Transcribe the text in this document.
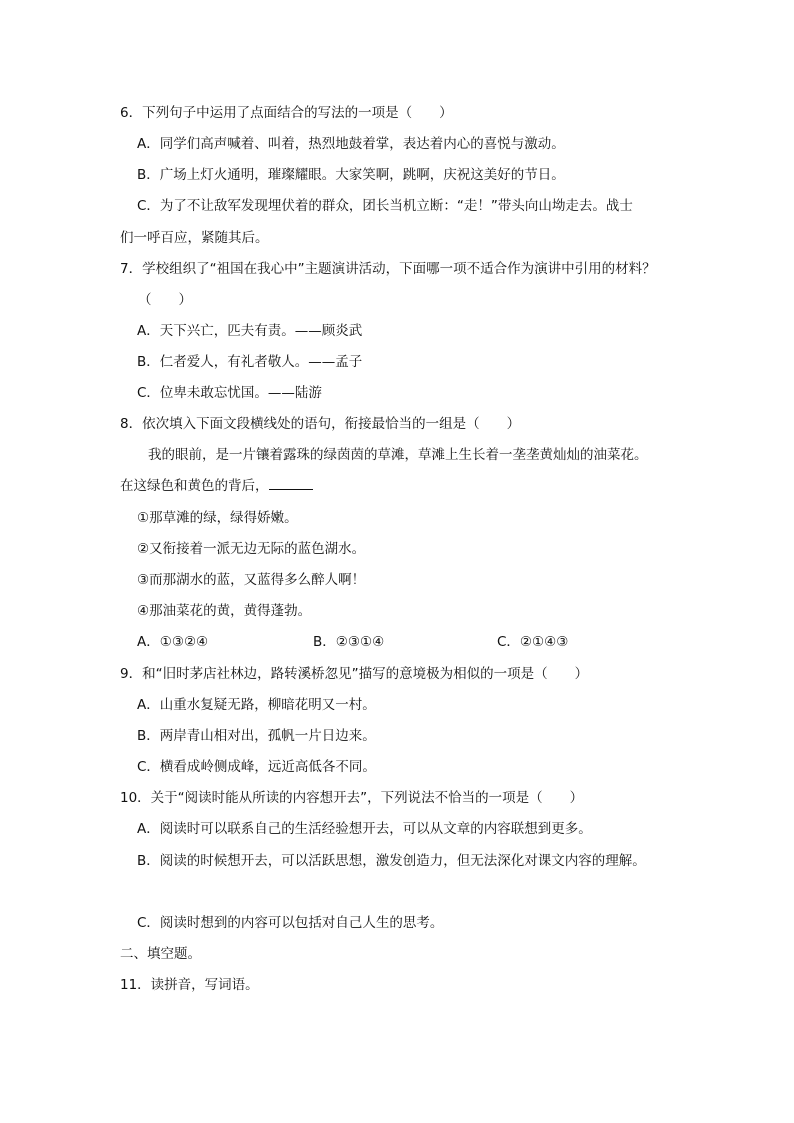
6．下列句子中运用了点面结合的写法的一项是（　　）
A．同学们高声喊着、叫着，热烈地鼓着掌，表达着内心的喜悦与激动。
B．广场上灯火通明，璀璨耀眼。大家笑啊，跳啊，庆祝这美好的节日。
C．为了不让敌军发现埋伏着的群众，团长当机立断：“走！”带头向山坳走去。战士
们一呼百应，紧随其后。
7．学校组织了“祖国在我心中”主题演讲活动，下面哪一项不适合作为演讲中引用的材料？
（　　）
A．天下兴亡，匹夫有责。——顾炎武
B．仁者爱人，有礼者敬人。——孟子
C．位卑未敢忘忧国。——陆游
8．依次填入下面文段横线处的语句，衔接最恰当的一组是（　　）
我的眼前，是一片镶着露珠的绿茵茵的草滩，草滩上生长着一垄垄黄灿灿的油菜花。
在这绿色和黄色的背后，
①那草滩的绿，绿得娇嫩。
②又衔接着一派无边无际的蓝色湖水。
③而那湖水的蓝，又蓝得多么醉人啊！
④那油菜花的黄，黄得蓬勃。
A．①③②④	B．②③①④	C．②①④③
9．和“旧时茅店社林边，路转溪桥忽见”描写的意境极为相似的一项是（　　）
A．山重水复疑无路，柳暗花明又一村。
B．两岸青山相对出，孤帆一片日边来。
C．横看成岭侧成峰，远近高低各不同。
10．关于“阅读时能从所读的内容想开去”，下列说法不恰当的一项是（　　）
A．阅读时可以联系自己的生活经验想开去，可以从文章的内容联想到更多。
B．阅读的时候想开去，可以活跃思想，激发创造力，但无法深化对课文内容的理解。
C．阅读时想到的内容可以包括对自己人生的思考。
二、填空题。
11．读拼音，写词语。
